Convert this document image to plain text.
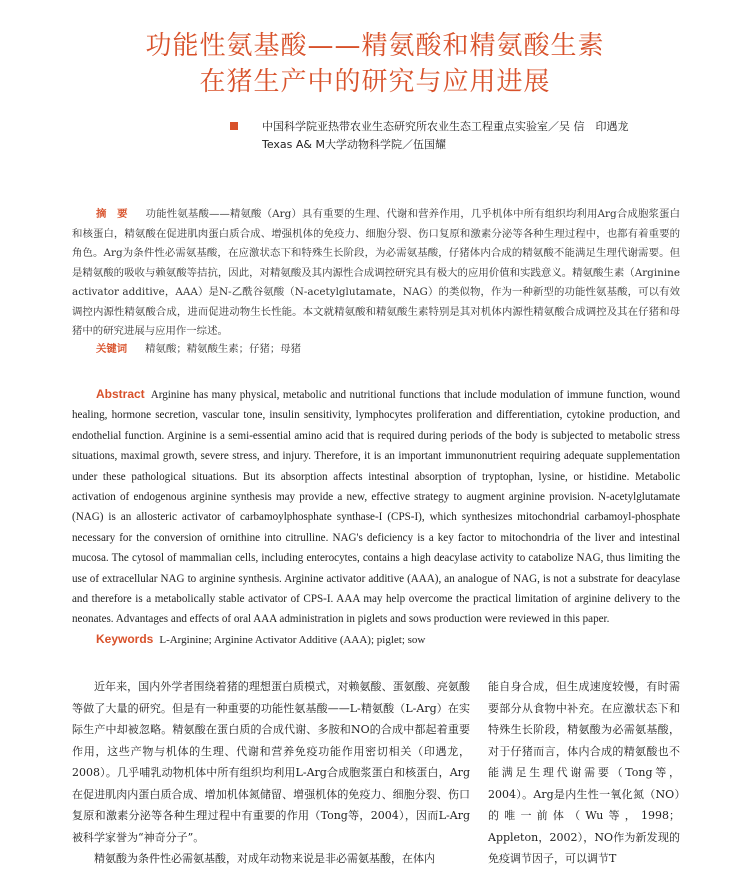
功能性氨基酸——精氨酸和精氨酸生素
在猪生产中的研究与应用进展
中国科学院亚热带农业生态研究所农业生态工程重点实验室／吴 信　印遇龙
Texas A& M大学动物科学院／伍国耀
摘　要 功能性氨基酸——精氨酸（Arg）具有重要的生理、代谢和营养作用，几乎机体中所有组织均利用Arg合成胞浆蛋白和核蛋白，精氨酸在促进肌肉蛋白质合成、增强机体的免疫力、细胞分裂、伤口复原和激素分泌等各种生理过程中，也都有着重要的角色。Arg为条件性必需氨基酸，在应激状态下和特殊生长阶段，为必需氨基酸，仔猪体内合成的精氨酸不能满足生理代谢需要。但是精氨酸的吸收与赖氨酸等拮抗，因此，对精氨酸及其内源性合成调控研究具有极大的应用价值和实践意义。精氨酸生素（Arginine activator additive，AAA）是N-乙酰谷氨酸（N-acetylglutamate，NAG）的类似物，作为一种新型的功能性氨基酸，可以有效调控内源性精氨酸合成，进而促进动物生长性能。本文就精氨酸和精氨酸生素特别是其对机体内源性精氨酸合成调控及其在仔猪和母猪中的研究进展与应用作一综述。
关键词 精氨酸；精氨酸生素；仔猪；母猪
Abstract Arginine has many physical, metabolic and nutritional functions that include modulation of immune function, wound healing, hormone secretion, vascular tone, insulin sensitivity, lymphocytes proliferation and differentiation, cytokine production, and endothelial function. Arginine is a semi-essential amino acid that is required during periods of the body is subjected to metabolic stress situations, maximal growth, severe stress, and injury. Therefore, it is an important immunonutrient requiring adequate supplementation under these pathological situations. But its absorption affects intestinal absorption of tryptophan, lysine, or histidine. Metabolic activation of endogenous arginine synthesis may provide a new, effective strategy to augment arginine provision. N-acetylglutamate (NAG) is an allosteric activator of carbamoylphosphate synthase-I (CPS-I), which synthesizes mitochondrial carbamoyl-phosphate necessary for the conversion of ornithine into citrulline. NAG's deficiency is a key factor to mitochondria of the liver and intestinal mucosa. The cytosol of mammalian cells, including enterocytes, contains a high deacylase activity to catabolize NAG, thus limiting the use of extracellular NAG to arginine synthesis. Arginine activator additive (AAA), an analogue of NAG, is not a substrate for deacylase and therefore is a metabolically stable activator of CPS-I. AAA may help overcome the practical limitation of arginine delivery to the neonates. Advantages and effects of oral AAA administration in piglets and sows production were reviewed in this paper.
Keywords L-Arginine; Arginine Activator Additive (AAA); piglet; sow

近年来，国内外学者围绕着猪的理想蛋白质模式，对赖氨酸、蛋氨酸、亮氨酸等做了大量的研究。但是有一种重要的功能性氨基酸——L-精氨酸（L-Arg）在实际生产中却被忽略。精氨酸在蛋白质的合成代谢、多胺和NO的合成中都起着重要作用，这些产物与机体的生理、代谢和营养免疫功能作用密切相关（印遇龙，2008）。几乎哺乳动物机体中所有组织均利用L-Arg合成胞浆蛋白和核蛋白，Arg在促进肌肉内蛋白质合成、增加机体氮储留、增强机体的免疫力、细胞分裂、伤口复原和激素分泌等各种生理过程中有重要的作用（Tong等，2004），因而L-Arg被科学家誉为“神奇分子”。

精氨酸为条件性必需氨基酸，对成年动物来说是非必需氨基酸，在体内

能自身合成，但生成速度较慢，有时需要部分从食物中补充。在应激状态下和特殊生长阶段，精氨酸为必需氨基酸，对于仔猪而言，体内合成的精氨酸也不能满足生理代谢需要（Tong等，2004）。Arg是内生性一氧化氮（NO）的唯一前体（Wu等，1998；Appleton，2002），NO作为新发现的免疫调节因子，可以调节T
